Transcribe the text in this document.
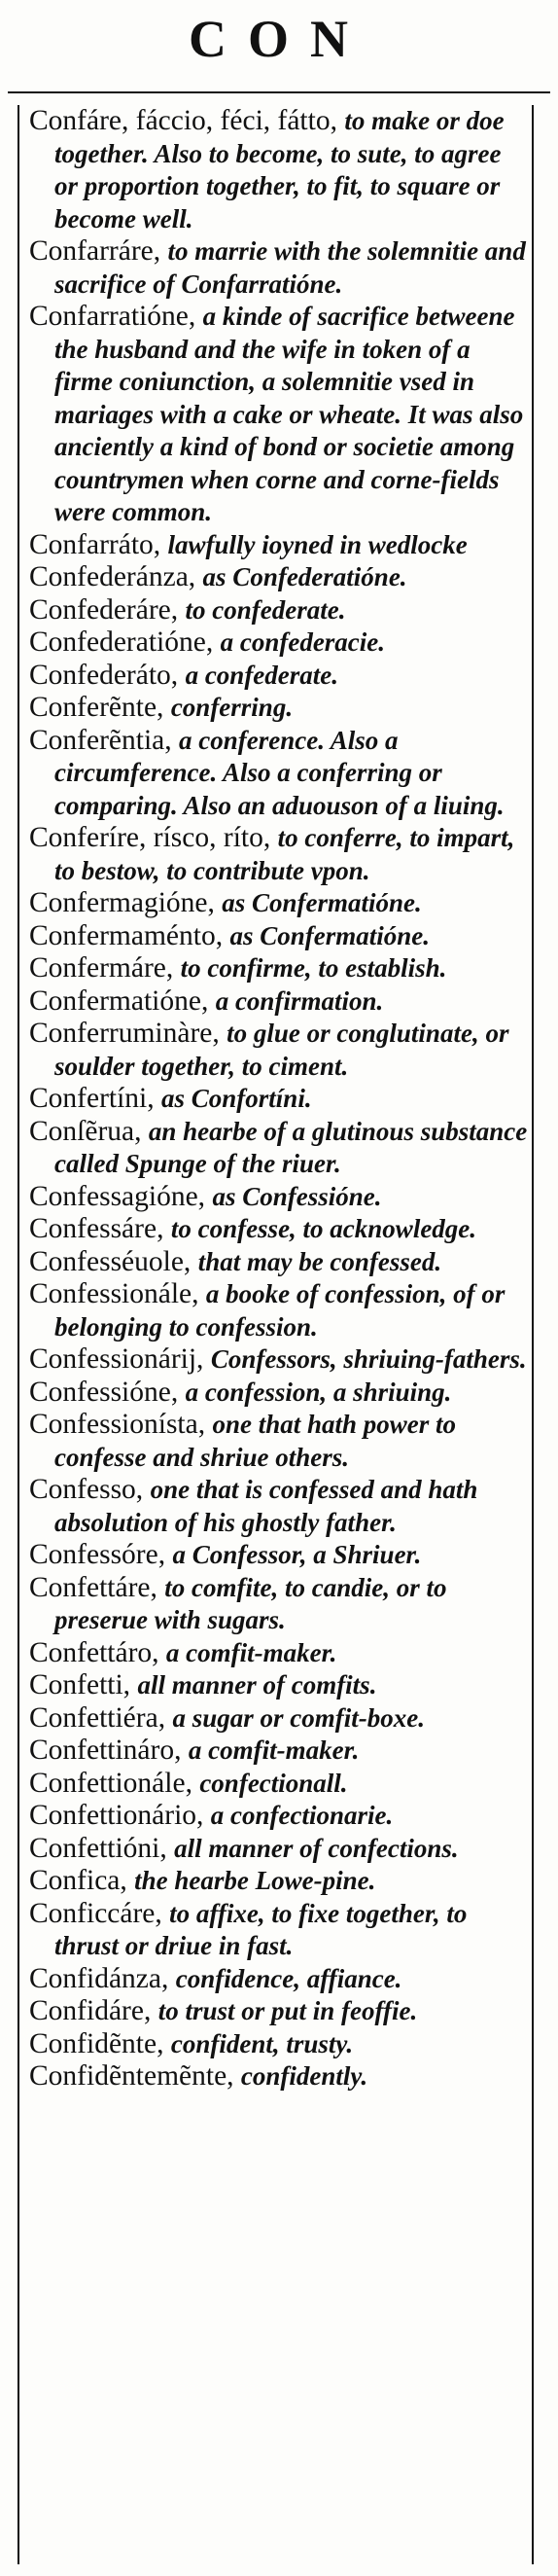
CON

Confáre, fáccio, féci, fátto, to make or doe together. Also to become, to sute, to agree or proportion together, to fit, to square or become well.

Confarráre, to marrie with the solemnitie and sacrifice of Confarratióne.

Confarratióne, a kinde of sacrifice betweene the husband and the wife in token of a firme coniunction, a solemnitie vsed in mariages with a cake or wheate. It was also anciently a kind of bond or societie among countrymen when corne and corne-fields were common.

Confarráto, lawfully ioyned in wedlocke

Confederánza, as Confederatióne.

Confederáre, to confederate.

Confederatióne, a confederacie.

Confederáto, a confederate.

Conferẽnte, conferring.

Conferẽntia, a conference. Also a circumference. Also a conferring or comparing. Also an aduouson of a liuing.

Conferíre, rísco, ríto, to conferre, to impart, to bestow, to contribute vpon.

Confermagióne, as Confermatióne.

Confermaménto, as Confermatióne.

Confermáre, to confirme, to establish.

Confermatióne, a confirmation.

Conferruminàre, to glue or conglutinate, or soulder together, to ciment.

Confertíni, as Confortíni.

Conſẽrua, an hearbe of a glutinous substance called Spunge of the riuer.

Confessagióne, as Confessióne.

Confessáre, to confesse, to acknowledge.

Confesséuole, that may be confessed.

Confessionále, a booke of confession, of or belonging to confession.

Confessionárij, Confessors, shriuing-fathers.

Confessióne, a confession, a shriuing.

Confessionísta, one that hath power to confesse and shriue others.

Confesso, one that is confessed and hath absolution of his ghostly father.

Confessóre, a Confessor, a Shriuer.

Confettáre, to comfite, to candie, or to preserue with sugars.

Confettáro, a comfit-maker.

Confetti, all manner of comfits.

Confettiéra, a sugar or comfit-boxe.

Confettináro, a comfit-maker.

Confettionále, confectionall.

Confettionário, a confectionarie.

Confettióni, all manner of confections.

Confica, the hearbe Lowe-pine.

Conficcáre, to affixe, to fixe together, to thrust or driue in fast.

Confidánza, confidence, affiance.

Confidáre, to trust or put in feoffie.

Confidẽnte, confident, trusty.

Confidẽntemẽnte, confidently.
